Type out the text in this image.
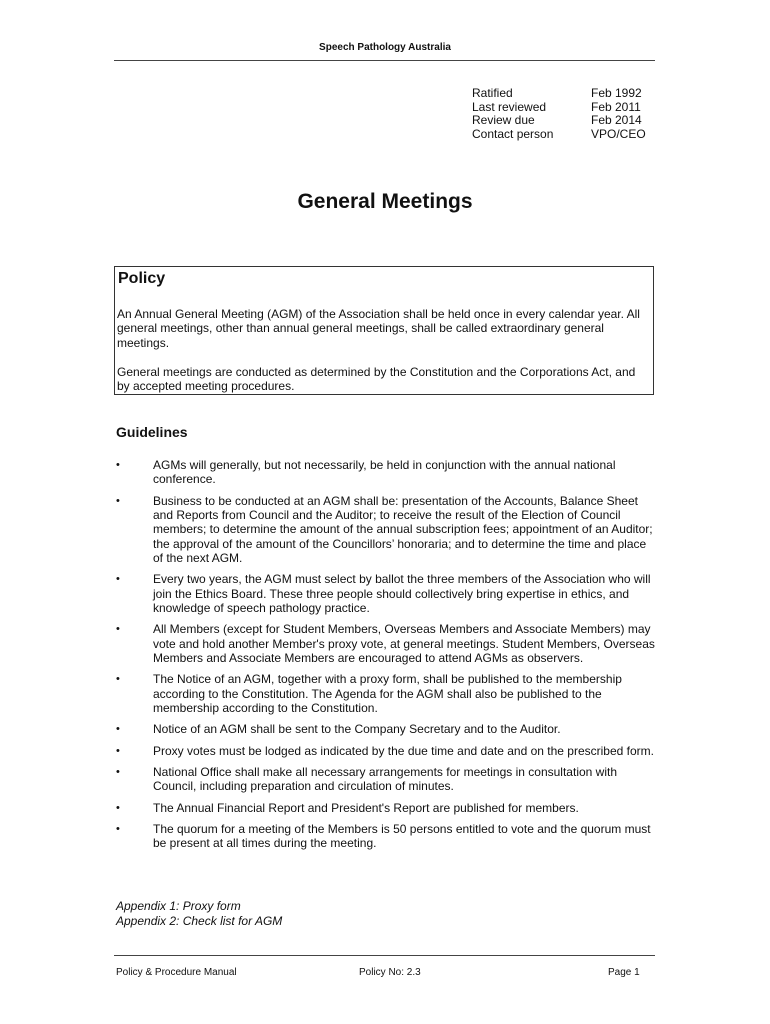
Speech Pathology Australia
Ratified	Feb 1992
Last reviewed	Feb 2011
Review due	Feb 2014
Contact person	VPO/CEO
General Meetings
Policy

An Annual General Meeting (AGM) of the Association shall be held once in every calendar year. All general meetings, other than annual general meetings, shall be called extraordinary general meetings.

General meetings are conducted as determined by the Constitution and the Corporations Act, and by accepted meeting procedures.

Guidelines
•	AGMs will generally, but not necessarily, be held in conjunction with the annual national conference.
•	Business to be conducted at an AGM shall be: presentation of the Accounts, Balance Sheet and Reports from Council and the Auditor; to receive the result of the Election of Council members; to determine the amount of the annual subscription fees; appointment of an Auditor; the approval of the amount of the Councillors’ honoraria; and to determine the time and place of the next AGM.
•	Every two years, the AGM must select by ballot the three members of the Association who will join the Ethics Board. These three people should collectively bring expertise in ethics, and knowledge of speech pathology practice.
•	All Members (except for Student Members, Overseas Members and Associate Members) may vote and hold another Member's proxy vote, at general meetings. Student Members, Overseas Members and Associate Members are encouraged to attend AGMs as observers.
•	The Notice of an AGM, together with a proxy form, shall be published to the membership according to the Constitution. The Agenda for the AGM shall also be published to the membership according to the Constitution.
•	Notice of an AGM shall be sent to the Company Secretary and to the Auditor.
•	Proxy votes must be lodged as indicated by the due time and date and on the prescribed form.
•	National Office shall make all necessary arrangements for meetings in consultation with Council, including preparation and circulation of minutes.
•	The Annual Financial Report and President's Report are published for members.
•	The quorum for a meeting of the Members is 50 persons entitled to vote and the quorum must be present at all times during the meeting.
Appendix 1: Proxy form
Appendix 2: Check list for AGM
Policy & Procedure Manual	Policy No: 2.3	Page 1
